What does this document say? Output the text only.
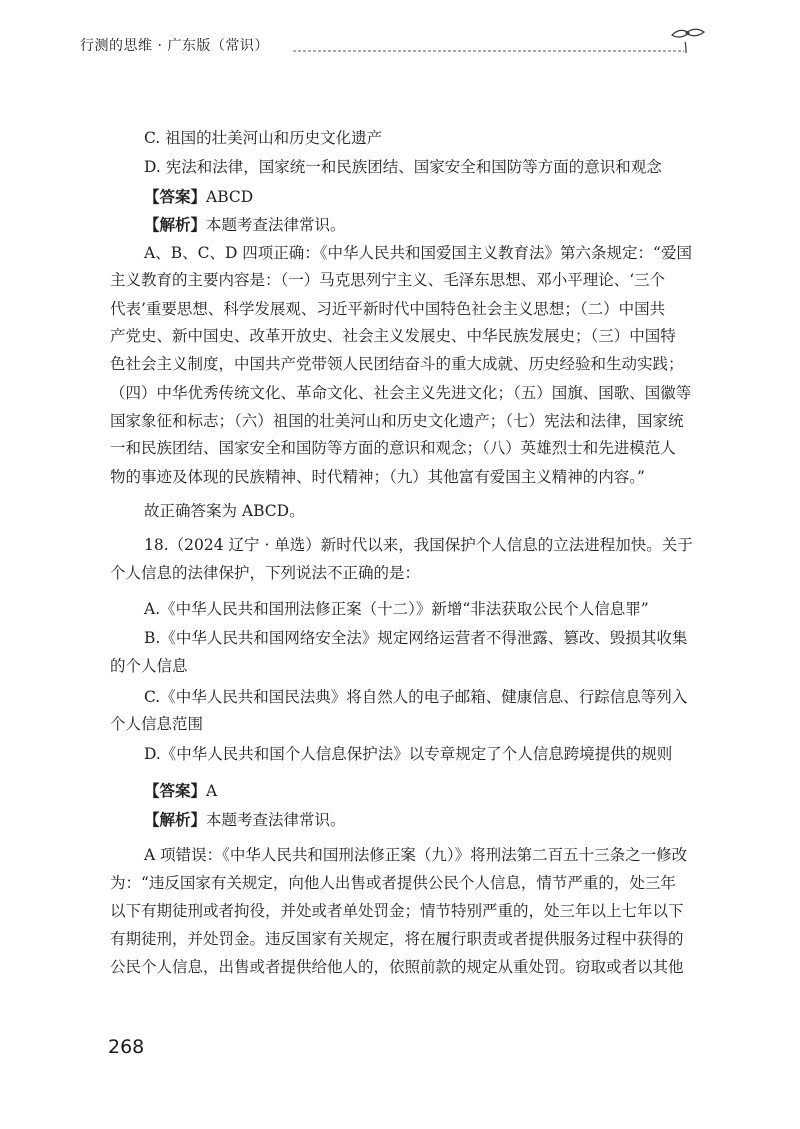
行测的思维 · 广东版（常识）
C. 祖国的壮美河山和历史文化遗产
D. 宪法和法律，国家统一和民族团结、国家安全和国防等方面的意识和观念
【答案】ABCD
【解析】本题考查法律常识。
A、B、C、D 四项正确：《中华人民共和国爱国主义教育法》第六条规定：“爱国
主义教育的主要内容是：（一）马克思列宁主义、毛泽东思想、邓小平理论、‘三个
代表’重要思想、科学发展观、习近平新时代中国特色社会主义思想；（二）中国共
产党史、新中国史、改革开放史、社会主义发展史、中华民族发展史；（三）中国特
色社会主义制度，中国共产党带领人民团结奋斗的重大成就、历史经验和生动实践；
（四）中华优秀传统文化、革命文化、社会主义先进文化；（五）国旗、国歌、国徽等
国家象征和标志；（六）祖国的壮美河山和历史文化遗产；（七）宪法和法律，国家统
一和民族团结、国家安全和国防等方面的意识和观念；（八）英雄烈士和先进模范人
物的事迹及体现的民族精神、时代精神；（九）其他富有爱国主义精神的内容。”
故正确答案为 ABCD。
18.（2024 辽宁 · 单选）新时代以来，我国保护个人信息的立法进程加快。关于
个人信息的法律保护，下列说法不正确的是：
A.《中华人民共和国刑法修正案（十二）》新增“非法获取公民个人信息罪”
B.《中华人民共和国网络安全法》规定网络运营者不得泄露、篡改、毁损其收集
的个人信息
C.《中华人民共和国民法典》将自然人的电子邮箱、健康信息、行踪信息等列入
个人信息范围
D.《中华人民共和国个人信息保护法》以专章规定了个人信息跨境提供的规则
【答案】A
【解析】本题考查法律常识。
A 项错误：《中华人民共和国刑法修正案（九）》将刑法第二百五十三条之一修改
为：“违反国家有关规定，向他人出售或者提供公民个人信息，情节严重的，处三年
以下有期徒刑或者拘役，并处或者单处罚金；情节特别严重的，处三年以上七年以下
有期徒刑，并处罚金。违反国家有关规定，将在履行职责或者提供服务过程中获得的
公民个人信息，出售或者提供给他人的，依照前款的规定从重处罚。窃取或者以其他
268
